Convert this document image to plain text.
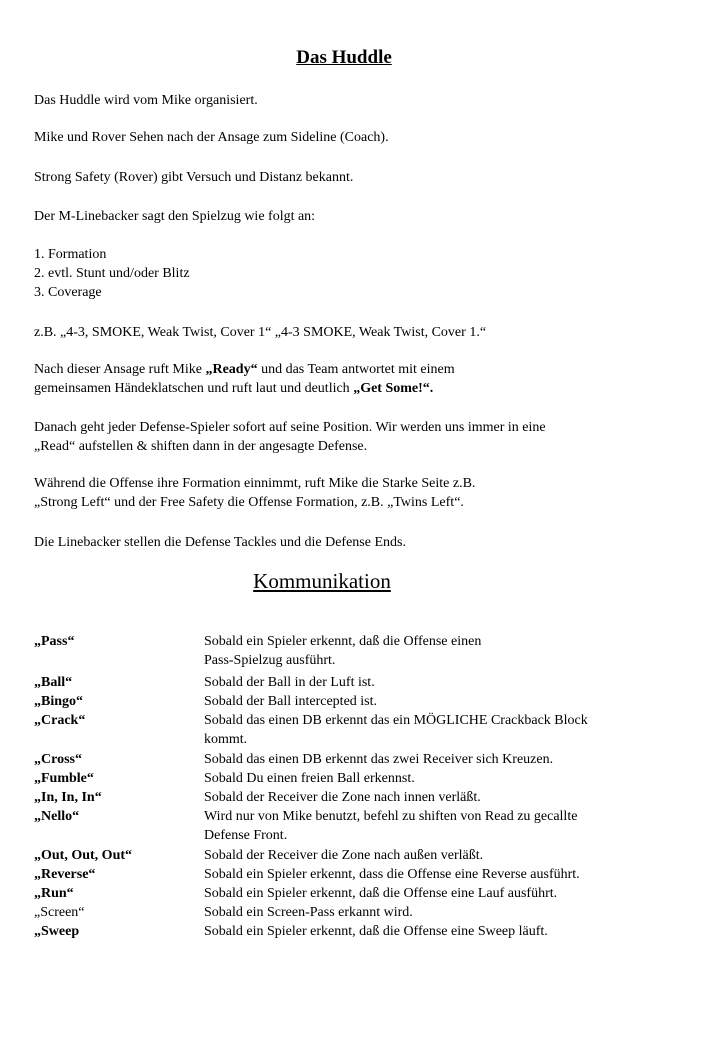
Das Huddle
Das Huddle wird vom Mike organisiert.
Mike und Rover Sehen nach der Ansage zum Sideline (Coach).
Strong Safety (Rover) gibt Versuch und Distanz bekannt.
Der M-Linebacker sagt den Spielzug wie folgt an:
1. Formation
2. evtl. Stunt und/oder Blitz
3. Coverage
z.B. „4-3, SMOKE, Weak Twist, Cover 1“ „4-3 SMOKE, Weak Twist, Cover 1.“
Nach dieser Ansage ruft Mike „Ready“ und das Team antwortet mit einem
gemeinsamen Händeklatschen und ruft laut und deutlich „Get Some!“.
Danach geht jeder Defense-Spieler sofort auf seine Position. Wir werden uns immer in eine
„Read“ aufstellen & shiften dann in der angesagte Defense.
Während die Offense ihre Formation einnimmt, ruft Mike die Starke Seite z.B.
„Strong Left“ und der Free Safety die Offense Formation, z.B. „Twins Left“.
Die Linebacker stellen die Defense Tackles und die Defense Ends.
Kommunikation
„Pass“	Sobald ein Spieler erkennt, daß die Offense einen
Pass-Spielzug ausführt.
„Ball“	Sobald der Ball in der Luft ist.
„Bingo“	Sobald der Ball intercepted ist.
„Crack“	Sobald das einen DB erkennt das ein MÖGLICHE Crackback Block
kommt.
„Cross“	Sobald das einen DB erkennt das zwei Receiver sich Kreuzen.
„Fumble“	Sobald Du einen freien Ball erkennst.
„In, In, In“	Sobald der Receiver die Zone nach innen verläßt.
„Nello“	Wird nur von Mike benutzt, befehl zu shiften von Read zu gecallte
Defense Front.
„Out, Out, Out“	Sobald der Receiver die Zone nach außen verläßt.
„Reverse“	Sobald ein Spieler erkennt, dass die Offense eine Reverse ausführt.
„Run“	Sobald ein Spieler erkennt, daß die Offense eine Lauf ausführt.
„Screen“	Sobald ein Screen-Pass erkannt wird.
„Sweep	Sobald ein Spieler erkennt, daß die Offense eine Sweep läuft.
